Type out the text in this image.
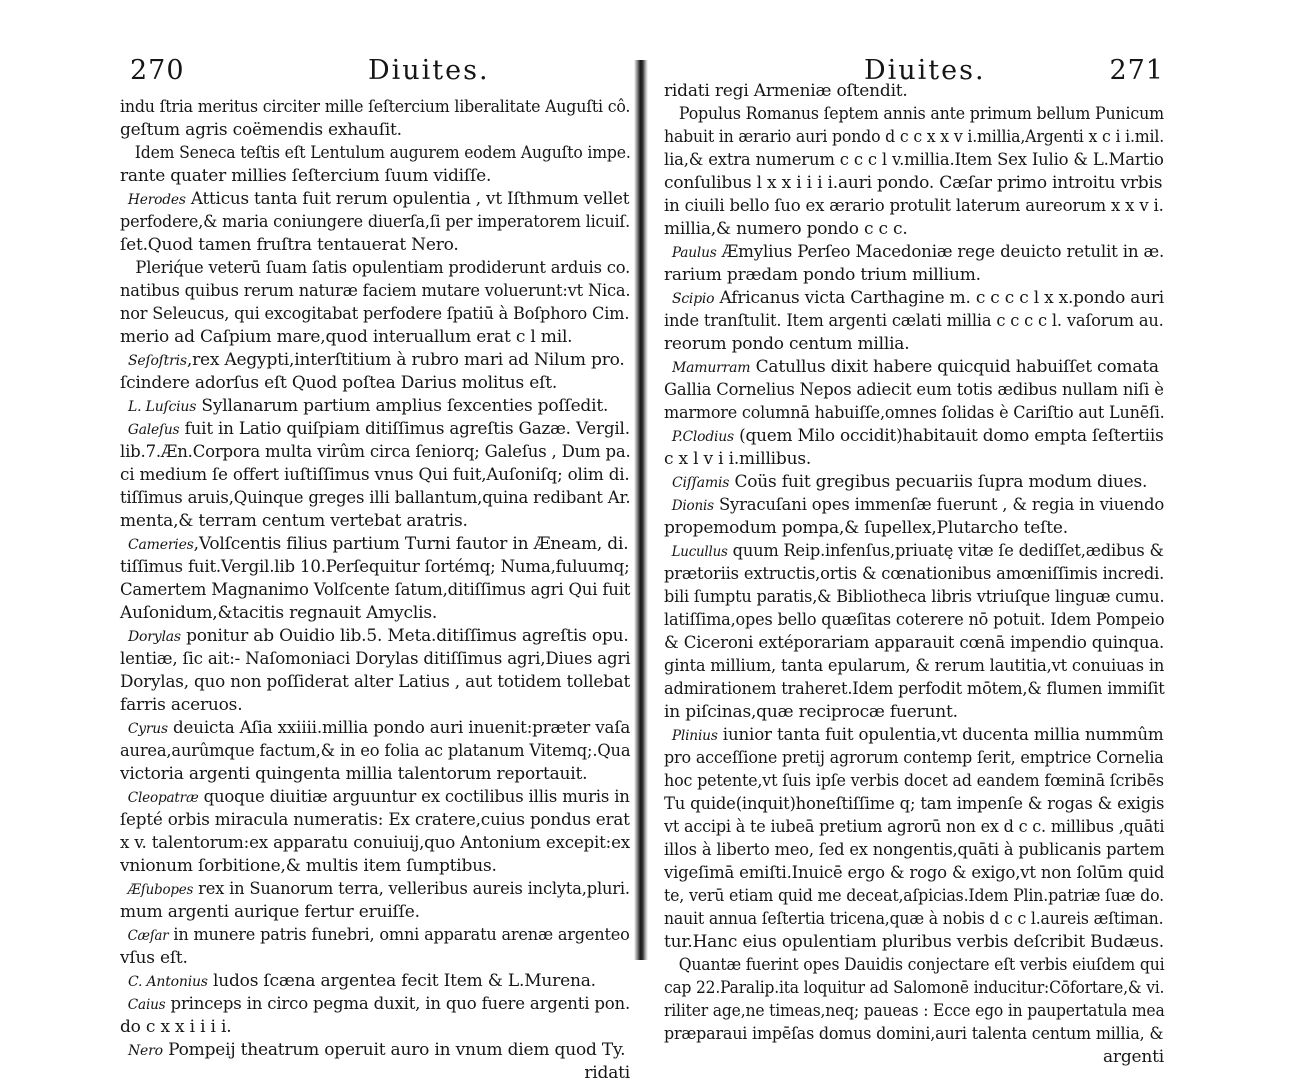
270	Diuites.
indu ſtria meritus circiter mille ſeſtercium liberalitate Auguſti cô.
geſtum agris coëmendis exhauſit.
Idem Seneca teſtis eſt Lentulum augurem eodem Auguſto impe.
rante quater millies ſeſtercium ſuum vidiſſe.
Herodes Atticus tanta fuit rerum opulentia , vt Iſthmum vellet
perfodere,& maria coniungere diuerſa,ſi per imperatorem licuiſ.
ſet.Quod tamen fruſtra tentauerat Nero.
Pleriq́ue veterū ſuam ſatis opulentiam prodiderunt arduis co.
natibus quibus rerum naturæ faciem mutare voluerunt:vt Nica.
nor Seleucus, qui excogitabat perfodere ſpatiū à Boſphoro Cim.
merio ad Caſpium mare,quod interuallum erat c l mil.
Seſoſtris,rex Aegypti,interſtitium à rubro mari ad Nilum pro.
ſcindere adorſus eſt Quod poſtea Darius molitus eſt.
L. Luſcius Syllanarum partium amplius ſexcenties poſſedit.
Galeſus fuit in Latio quiſpiam ditiſſimus agreſtis Gazæ. Vergil.
lib.7.Æn.Corpora multa virûm circa ſeniorq; Galeſus , Dum pa.
ci medium ſe offert iuſtiſſimus vnus Qui fuit,Auſoniſq; olim di.
tiſſimus aruis,Quinque greges illi ballantum,quina redibant Ar.
menta,& terram centum vertebat aratris.
Cameries,Volſcentis filius partium Turni fautor in Æneam, di.
tiſſimus fuit.Vergil.lib 10.Perſequitur ſortémq; Numa,fuluumq;
Camertem Magnanimo Volſcente ſatum,ditiſſimus agri Qui fuit
Auſonidum,&tacitis regnauit Amyclis.
Dorylas ponitur ab Ouidio lib.5. Meta.ditiſſimus agreſtis opu.
lentiæ, ſic ait:- Naſomoniaci Dorylas ditiſſimus agri,Diues agri
Dorylas, quo non poſſiderat alter Latius , aut totidem tollebat
farris aceruos.
Cyrus deuicta Aſia xxiiii.millia pondo auri inuenit:præter vaſa
aurea,aurûmque factum,& in eo folia ac platanum Vitemq;.Qua
victoria argenti quingenta millia talentorum reportauit.
Cleopatræ quoque diuitiæ arguuntur ex coctilibus illis muris in
ſepté orbis miracula numeratis: Ex cratere,cuius pondus erat
x v. talentorum:ex apparatu conuiuij,quo Antonium excepit:ex
vnionum ſorbitione,& multis item ſumptibus.
Æſubopes rex in Suanorum terra, velleribus aureis inclyta,pluri.
mum argenti aurique fertur eruiſſe.
Cæſar in munere patris funebri, omni apparatu arenæ argenteo
vſus eſt.
C. Antonius ludos ſcæna argentea fecit Item & L.Murena.
Caius princeps in circo pegma duxit, in quo fuere argenti pon.
do c x x i i i i.
Nero Pompeij theatrum operuit auro in vnum diem quod Ty.
ridati
271
Diuites.
ridati regi Armeniæ oſtendit.
Populus Romanus ſeptem annis ante primum bellum Punicum
habuit in ærario auri pondo d c c x x v i.millia,Argenti x c i i.mil.
lia,& extra numerum c c c l v.millia.Item Sex Iulio & L.Martio
conſulibus l x x i i i i.auri pondo. Cæſar primo introitu vrbis
in ciuili bello ſuo ex ærario protulit laterum aureorum x x v i.
millia,& numero pondo c c c.
Paulus Æmylius Perſeo Macedoniæ rege deuicto retulit in æ.
rarium prædam pondo trium millium.
Scipio Africanus victa Carthagine m. c c c c l x x.pondo auri
inde tranſtulit. Item argenti cælati millia c c c c l. vaſorum au.
reorum pondo centum millia.
Mamurram Catullus dixit habere quicquid habuiſſet comata
Gallia Cornelius Nepos adiecit eum totis ædibus nullam niſi è
marmore columnā habuiſſe,omnes ſolidas è Cariſtio aut Lunēſi.
P.Clodius (quem Milo occidit)habitauit domo empta ſeſtertiis
c x l v i i.millibus.
Ciſſamis Coüs fuit gregibus pecuariis ſupra modum diues.
Dionis Syracuſani opes immenſæ fuerunt , & regia in viuendo
propemodum pompa,& ſupellex,Plutarcho teſte.
Lucullus quum Reip.infenſus,priuatę vitæ ſe dediſſet,ædibus &
prætoriis extructis,ortis & cœnationibus amœniſſimis incredi.
bili ſumptu paratis,& Bibliotheca libris vtriuſque linguæ cumu.
latiſſima,opes bello quæſitas coterere nō potuit. Idem Pompeio
& Ciceroni extéporariam apparauit cœnā impendio quinqua.
ginta millium, tanta epularum, & rerum lautitia,vt conuiuas in
admirationem traheret.Idem perfodit mōtem,& flumen immiſit
in piſcinas,quæ reciprocæ fuerunt.
Plinius iunior tanta fuit opulentia,vt ducenta millia nummûm
pro acceſſione pretij agrorum contemp ſerit, emptrice Cornelia
hoc petente,vt ſuis ipſe verbis docet ad eandem fœminā ſcribēs
Tu quide(inquit)honeſtiſſime q; tam impenſe & rogas & exigis
vt accipi à te iubeā pretium agrorū non ex d c c. millibus ,quāti
illos à liberto meo, ſed ex nongentis,quāti à publicanis partem
vigeſimā emiſti.Inuicē ergo & rogo & exigo,vt non ſolūm quid
te, verū etiam quid me deceat,aſpicias.Idem Plin.patriæ ſuæ do.
nauit annua ſeſtertia tricena,quæ à nobis d c c l.aureis æſtiman.
tur.Hanc eius opulentiam pluribus verbis deſcribit Budæus.
Quantæ fuerint opes Dauidis conjectare eſt verbis eiuſdem qui
cap 22.Paralip.ita loquitur ad Salomonē inducitur:Cōfortare,& vi.
riliter age,ne timeas,neq; paueas : Ecce ego in paupertatula mea
præparaui impēſas domus domini,auri talenta centum millia, &
argenti
